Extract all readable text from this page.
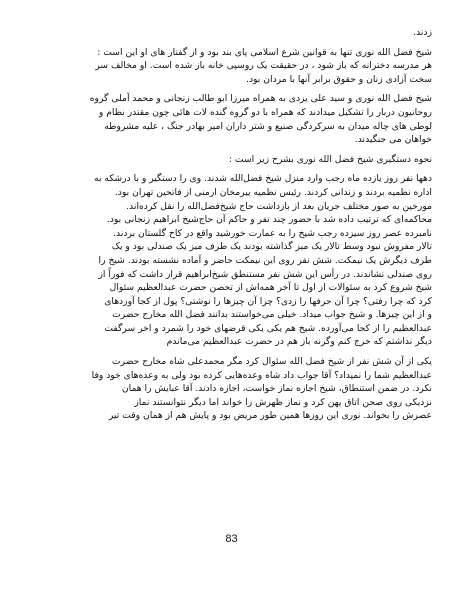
زدند.
شیخ فضل الله نوری تنها به قوانین شرع اسلامی پای بند بود و از گفتار های او این است :
هر مدرسه دخترانه که باز شود ، در حقیقت یک روسپی خانه باز شده است. او مخالف سر
سخت آزادی زنان و حقوق برابر آنها با مردان بود.
شیخ فضل الله نوری و سید علی یزدی به همراه میرزا ابو طالب زنجانی و محمد آملی گروه
روحانیون دربار را تشکیل میدادند که همراه با دو گروه گنده لات هائی چون مقتدر نظام و
لوطی های چاله میدان به سرکردگی صنیع و شتر داران امیر بهادر جنگ ، علیه مشروطه
خواهان می جنگیدند.
نحوه دستگیری شیخ فضل الله نوری بشرح زیر است :
دهها نفر روز یازده ماه رجب وارد منزل شیخ فضل‌الله شدند. وی را دستگیر و با درشکه به
اداره نظمیه بردند و زندانی کردند. رئیس نظمیه ییرمخان ارمنی از فاتحین تهران بود.
مورخین به صور مختلف جریان بعد از بازداشت حاج شیخ‌فضل‌الله را نقل کرده‌اند.
محاکمه‌ای که ترتیب داده شد با حضور چند نفر و حاکم آن حاج‌شیخ ابراهیم زنجانی بود.
نامبرده عصر روز سیزده رجب شیخ را به عمارت خورشید واقع در کاخ گلستان بردند.
تالار مفروش نبود وسط تالار یک میز گذاشته بودند یک طرف میز یک صندلی بود و یک
طرف دیگرش یک نیمکت. شش نفر روی این نیمکت حاضر و آماده نشسته بودند. شیخ را
روی صندلی نشاندند. در رأس این شش نفر مستنطق شیخ‌ابراهیم قرار داشت که فوراً از
شیخ شروع کرد به سئوالات از اول تا آخر همه‌اش از تحصن حضرت عبدالعظیم سئوال
کرد که چرا رفتی؟ چرا آن حرفها را زدی؟ چرا آن چیزها را نوشتی؟ پول از کجا آوردهای
و از این چیزها. و شیخ جواب میداد. خیلی می‌خواستند بدانند فضل الله مخارج حضرت
عبدالعظیم را از کجا می‌آورده. شیخ هم یکی یکی قرضهای خود را شمرد و اخر سرگفت
دیگر نداشتم که خرج کنم وگرنه باز هم در حضرت عبدالعظیم می‌ماندم
یکی از آن شش نفر از شیخ فضل الله سئوال کرد مگر محمدعلی شاه مخارج حضرت
عبدالعظیم شما را نمیداد؟ آقا جواب داد شاه وعده‌هایی کرده بود ولی به وعده‌های خود وفا
نکرد. در ضمن استنطاق، شیخ اجازه نماز خواست، اجازه دادند. آقا عبایش را همان
نزدیکی روی صحن اتاق پهن کرد و نماز ظهرش را خواند اما دیگر نتوانستند نماز
عصرش را بخواند. نوری این روزها همین طور مریض بود و پایش هم از همان وقت تیر
83
